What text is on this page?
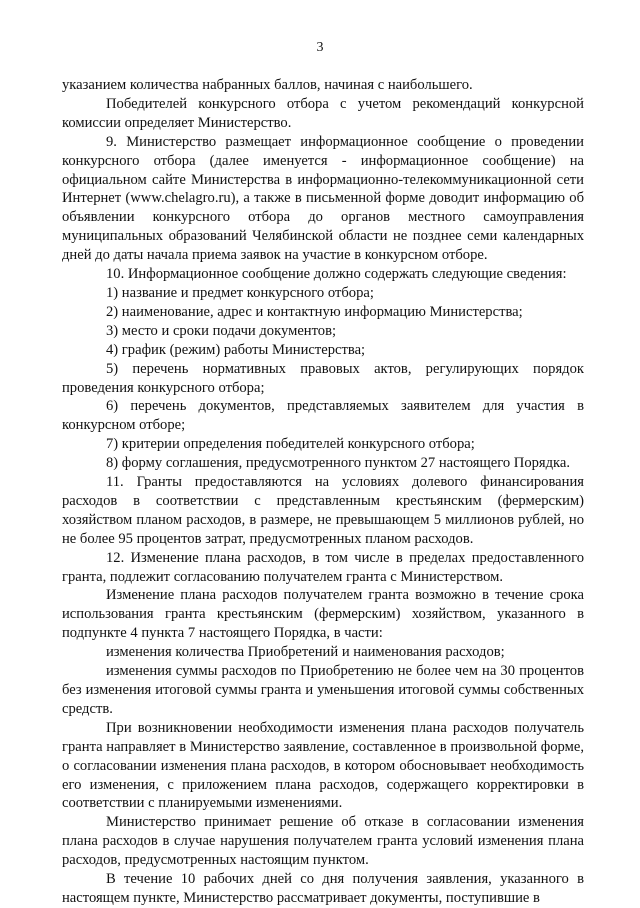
3

указанием количества набранных баллов, начиная с наибольшего.

Победителей конкурсного отбора с учетом рекомендаций конкурсной комиссии определяет Министерство.

9. Министерство размещает информационное сообщение о проведении конкурсного отбора (далее именуется - информационное сообщение) на официальном сайте Министерства в информационно-телекоммуникационной сети Интернет (www.chelagro.ru), а также в письменной форме доводит информацию об объявлении конкурсного отбора до органов местного самоуправления муниципальных образований Челябинской области не позднее семи календарных дней до даты начала приема заявок на участие в конкурсном отборе.

10. Информационное сообщение должно содержать следующие сведения:

1) название и предмет конкурсного отбора;

2) наименование, адрес и контактную информацию Министерства;

3) место и сроки подачи документов;

4) график (режим) работы Министерства;

5) перечень нормативных правовых актов, регулирующих порядок проведения конкурсного отбора;

6) перечень документов, представляемых заявителем для участия в конкурсном отборе;

7) критерии определения победителей конкурсного отбора;

8) форму соглашения, предусмотренного пунктом 27 настоящего Порядка.

11. Гранты предоставляются на условиях долевого финансирования расходов в соответствии с представленным крестьянским (фермерским) хозяйством планом расходов, в размере, не превышающем 5 миллионов рублей, но не более 95 процентов затрат, предусмотренных планом расходов.

12. Изменение плана расходов, в том числе в пределах предоставленного гранта, подлежит согласованию получателем гранта с Министерством.

Изменение плана расходов получателем гранта возможно в течение срока использования гранта крестьянским (фермерским) хозяйством, указанного в подпункте 4 пункта 7 настоящего Порядка, в части:

изменения количества Приобретений и наименования расходов;

изменения суммы расходов по Приобретению не более чем на 30 процентов без изменения итоговой суммы гранта и уменьшения итоговой суммы собственных средств.

При возникновении необходимости изменения плана расходов получатель гранта направляет в Министерство заявление, составленное в произвольной форме, о согласовании изменения плана расходов, в котором обосновывает необходимость его изменения, с приложением плана расходов, содержащего корректировки в соответствии с планируемыми изменениями.

Министерство принимает решение об отказе в согласовании изменения плана расходов в случае нарушения получателем гранта условий изменения плана расходов, предусмотренных настоящим пунктом.

В течение 10 рабочих дней со дня получения заявления, указанного в настоящем пункте, Министерство рассматривает документы, поступившие в
